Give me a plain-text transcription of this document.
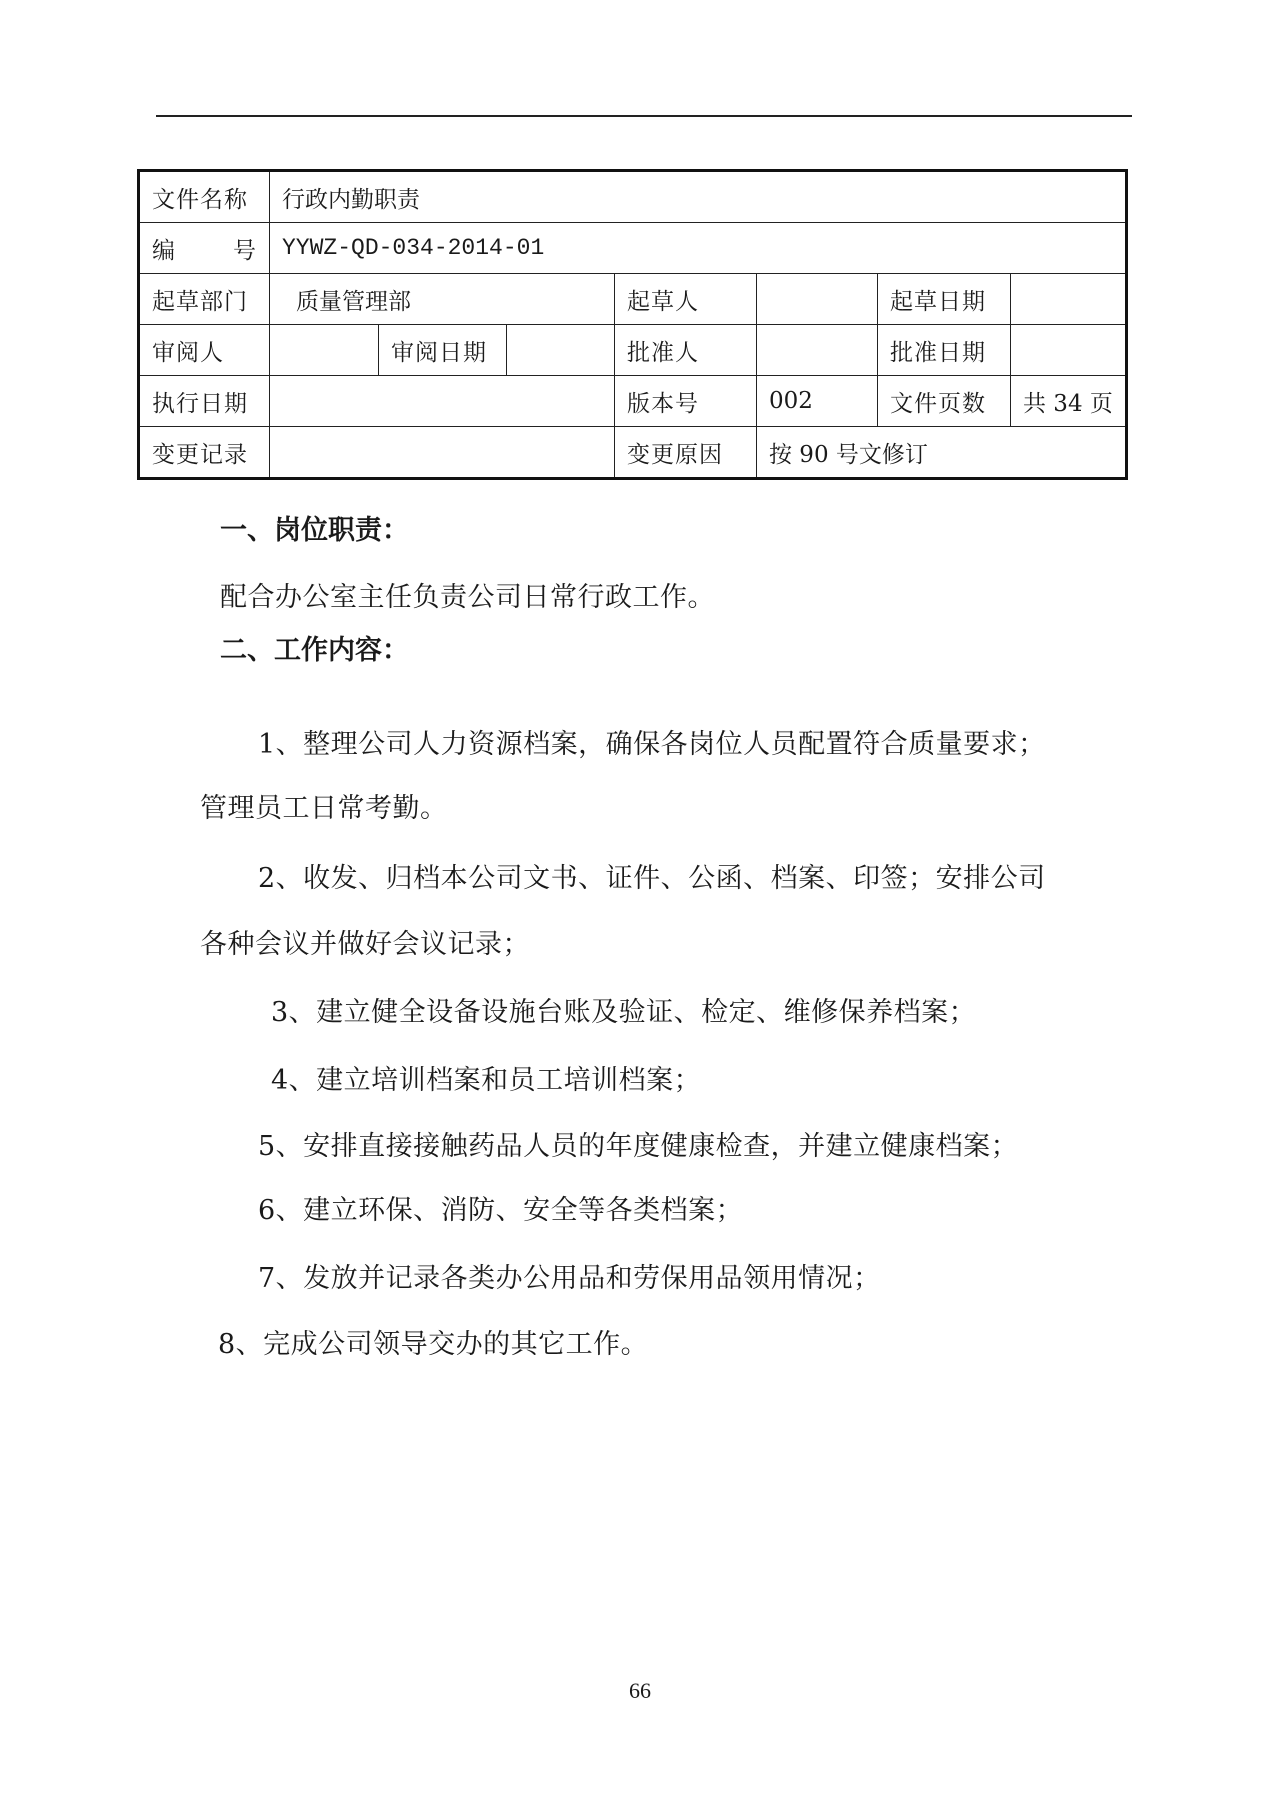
文件名称	行政内勤职责						

编 号	YYWZ-QD-034-2014-01						
起草部门	质量管理部			起草人		起草日期	
审阅人		审阅日期		批准人		批准日期	
执行日期				版本号	002	文件页数	共 34 页
变更记录				变更原因	按 90 号文修订		
一、岗位职责：
配合办公室主任负责公司日常行政工作。
二、工作内容：
1、整理公司人力资源档案，确保各岗位人员配置符合质量要求；
管理员工日常考勤。
2、收发、归档本公司文书、证件、公函、档案、印签；安排公司
各种会议并做好会议记录；
3、建立健全设备设施台账及验证、检定、维修保养档案；
4、建立培训档案和员工培训档案；
5、安排直接接触药品人员的年度健康检查，并建立健康档案；
6、建立环保、消防、安全等各类档案；
7、发放并记录各类办公用品和劳保用品领用情况；
8、完成公司领导交办的其它工作。
66
